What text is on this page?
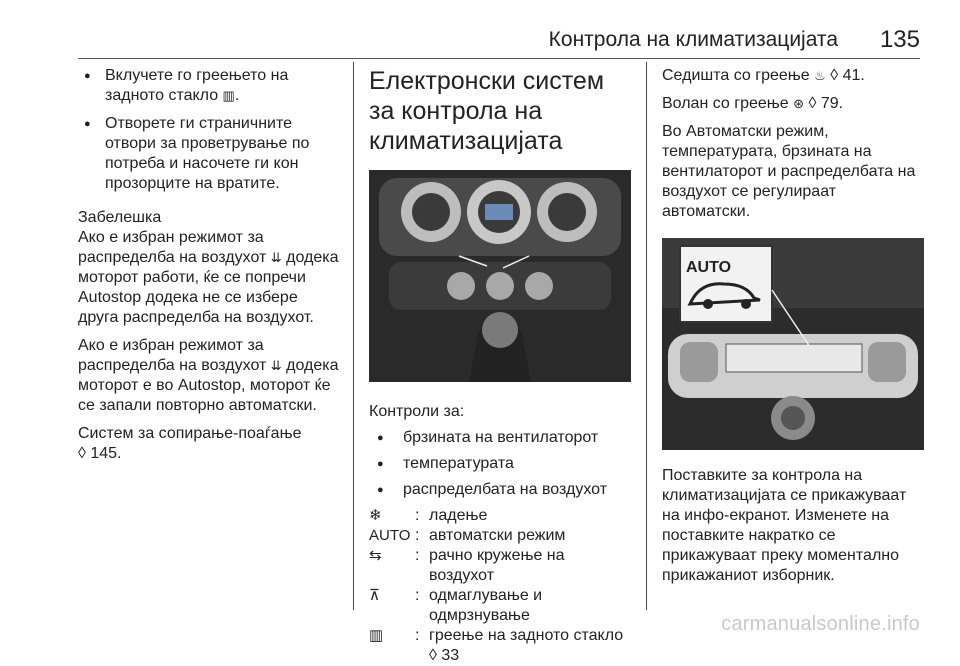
Контрола на климатизацијата 135
● Вклучете го греењето на задното стакло ▥.
● Отворете ги страничните отвори за проветрување по потреба и насочете ги кон прозорците на вратите.

Забелешка

Ако е избран режимот за распределба на воздухот ⇊ додека моторот работи, ќе се попречи Autostop додека не се избере друга распределба на воздухот.

Ако е избран режимот за распределба на воздухот ⇊ додека моторот е во Autostop, моторот ќе се запали повторно автоматски.

Систем за сопирање-поаѓање
◊ 145.

Електронски систем за контрола на климатизацијата

Контроли за:

● брзината на вентилаторот
● температурата
● распределбата на воздухот
❄	: ладење
AUTO : автоматски режим
⇆	: рачно кружење на воздухот
⊼	: одмаглување и одмрзнување
▥	: греење на задното стакло
◊ 33

Седишта со греење ♨ ◊ 41.

Волан со греење ⊛ ◊ 79.

Во Автоматски режим, температурата, брзината на вентилаторот и распределбата на воздухот се регулираат автоматски.

AUTO

Поставките за контрола на климатизацијата се прикажуваат на инфо-екранот. Изменете на поставките накратко се прикажуваат преку моментално прикажаниот изборник.

carmanualsonline.info
